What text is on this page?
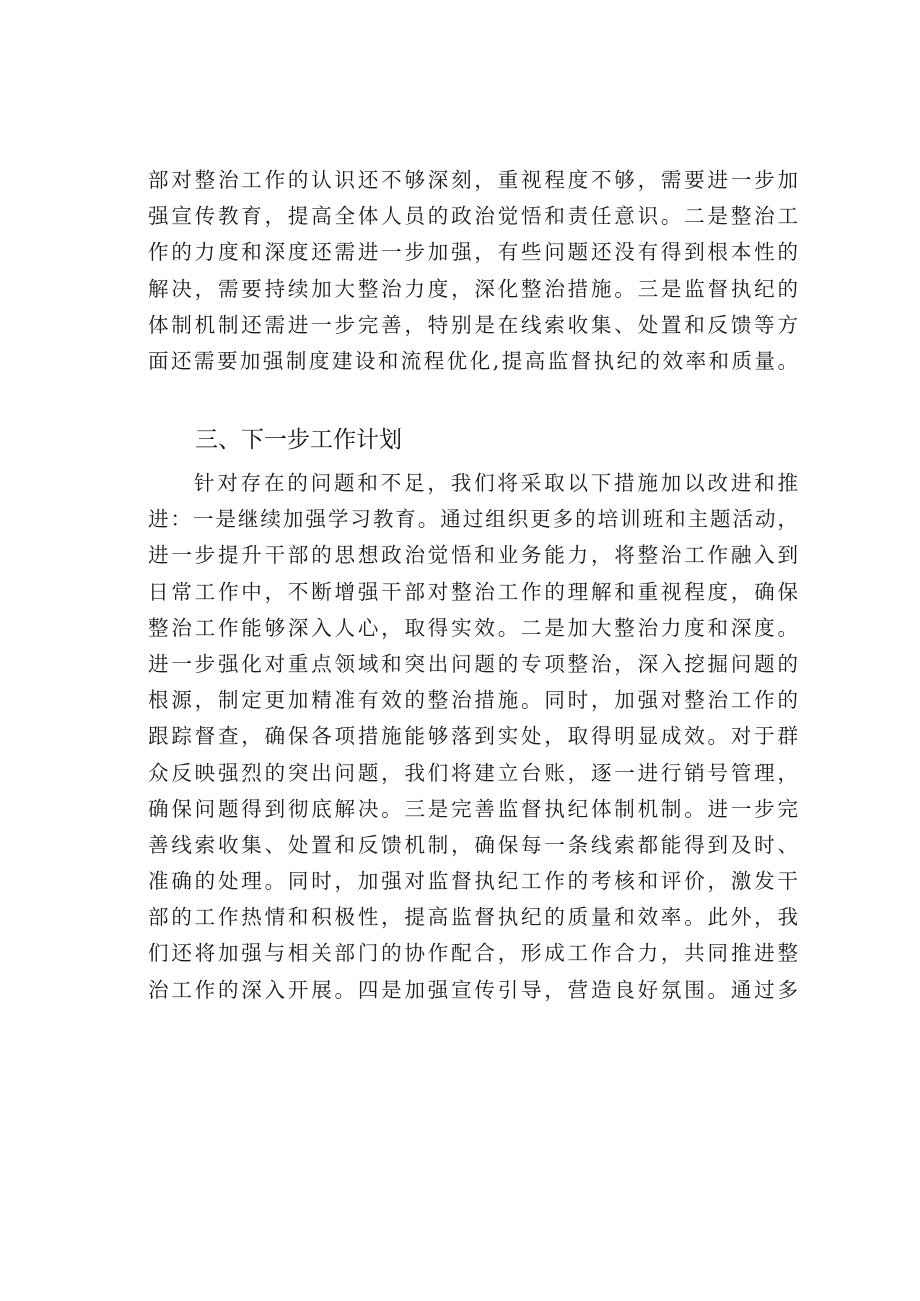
部对整治工作的认识还不够深刻，重视程度不够，需要进一步加
强宣传教育，提高全体人员的政治觉悟和责任意识。二是整治工
作的力度和深度还需进一步加强，有些问题还没有得到根本性的
解决，需要持续加大整治力度，深化整治措施。三是监督执纪的
体制机制还需进一步完善，特别是在线索收集、处置和反馈等方
面还需要加强制度建设和流程优化,提高监督执纪的效率和质量。
三、下一步工作计划
针对存在的问题和不足，我们将采取以下措施加以改进和推
进：一是继续加强学习教育。通过组织更多的培训班和主题活动，
进一步提升干部的思想政治觉悟和业务能力，将整治工作融入到
日常工作中，不断增强干部对整治工作的理解和重视程度，确保
整治工作能够深入人心，取得实效。二是加大整治力度和深度。
进一步强化对重点领域和突出问题的专项整治，深入挖掘问题的
根源，制定更加精准有效的整治措施。同时，加强对整治工作的
跟踪督查，确保各项措施能够落到实处，取得明显成效。对于群
众反映强烈的突出问题，我们将建立台账，逐一进行销号管理，
确保问题得到彻底解决。三是完善监督执纪体制机制。进一步完
善线索收集、处置和反馈机制，确保每一条线索都能得到及时、
准确的处理。同时，加强对监督执纪工作的考核和评价，激发干
部的工作热情和积极性，提高监督执纪的质量和效率。此外，我
们还将加强与相关部门的协作配合，形成工作合力，共同推进整
治工作的深入开展。四是加强宣传引导，营造良好氛围。通过多
